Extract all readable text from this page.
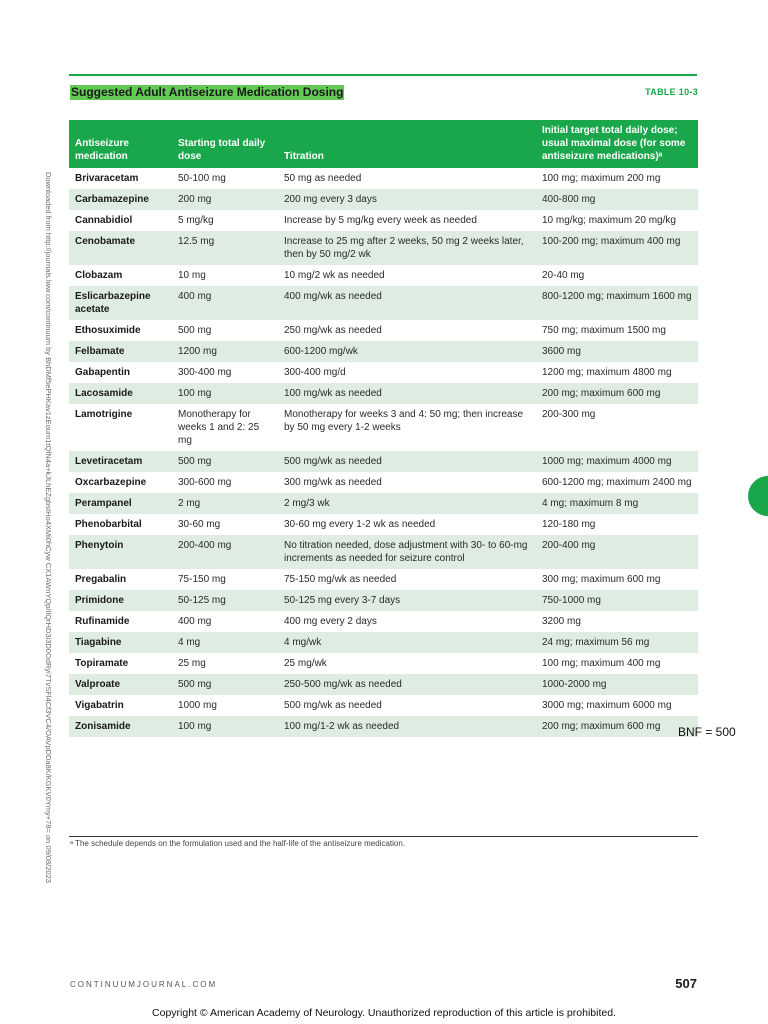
Suggested Adult Antiseizure Medication Dosing	TABLE 10-3
Downloaded from http://journals.lww.com/continuum by BhDMf5ePHKav1zEoum1tQfN4a+kJLhEZgbsIHo4XMi0hCyw CX1AWnYQp/IlQrHD3i3D0OdRyi7TvSFl4Cf3VC4/OAVpDDa8K/KGKV0Ymy+78= on 09/08/2023
Antiseizure medication	Starting total daily dose	Titration	Initial target total daily dose; usual maximal dose (for some antiseizure medications)ᵃ
Brivaracetam	50-100 mg	50 mg as needed	100 mg; maximum 200 mg
Carbamazepine	200 mg	200 mg every 3 days	400-800 mg
Cannabidiol	5 mg/kg	Increase by 5 mg/kg every week as needed	10 mg/kg; maximum 20 mg/kg
Cenobamate	12.5 mg	Increase to 25 mg after 2 weeks, 50 mg 2 weeks later, then by 50 mg/2 wk	100-200 mg; maximum 400 mg
Clobazam	10 mg	10 mg/2 wk as needed	20-40 mg
Eslicarbazepine acetate	400 mg	400 mg/wk as needed	800-1200 mg; maximum 1600 mg
Ethosuximide	500 mg	250 mg/wk as needed	750 mg; maximum 1500 mg
Felbamate	1200 mg	600-1200 mg/wk	3600 mg
Gabapentin	300-400 mg	300-400 mg/d	1200 mg; maximum 4800 mg
Lacosamide	100 mg	100 mg/wk as needed	200 mg; maximum 600 mg
Lamotrigine	Monotherapy for weeks 1 and 2: 25 mg	Monotherapy for weeks 3 and 4: 50 mg; then increase by 50 mg every 1-2 weeks	200-300 mg
Levetiracetam	500 mg	500 mg/wk as needed	1000 mg; maximum 4000 mg
Oxcarbazepine	300-600 mg	300 mg/wk as needed	600-1200 mg; maximum 2400 mg
Perampanel	2 mg	2 mg/3 wk	4 mg; maximum 8 mg
Phenobarbital	30-60 mg	30-60 mg every 1-2 wk as needed	120-180 mg
Phenytoin	200-400 mg	No titration needed, dose adjustment with 30- to 60-mg increments as needed for seizure control	200-400 mg
Pregabalin	75-150 mg	75-150 mg/wk as needed	300 mg; maximum 600 mg
Primidone	50-125 mg	50-125 mg every 3-7 days	750-1000 mg
Rufinamide	400 mg	400 mg every 2 days	3200 mg
Tiagabine	4 mg	4 mg/wk	24 mg; maximum 56 mg
Topiramate	25 mg	25 mg/wk	100 mg; maximum 400 mg
Valproate	500 mg	250-500 mg/wk as needed	1000-2000 mg
Vigabatrin	1000 mg	500 mg/wk as needed	3000 mg; maximum 6000 mg
Zonisamide	100 mg	100 mg/1-2 wk as needed	200 mg; maximum 600 mg BNF = 500
ᵃ The schedule depends on the formulation used and the half-life of the antiseizure medication.
CONTINUUMJOURNAL.COM	507
Copyright © American Academy of Neurology. Unauthorized reproduction of this article is prohibited.
